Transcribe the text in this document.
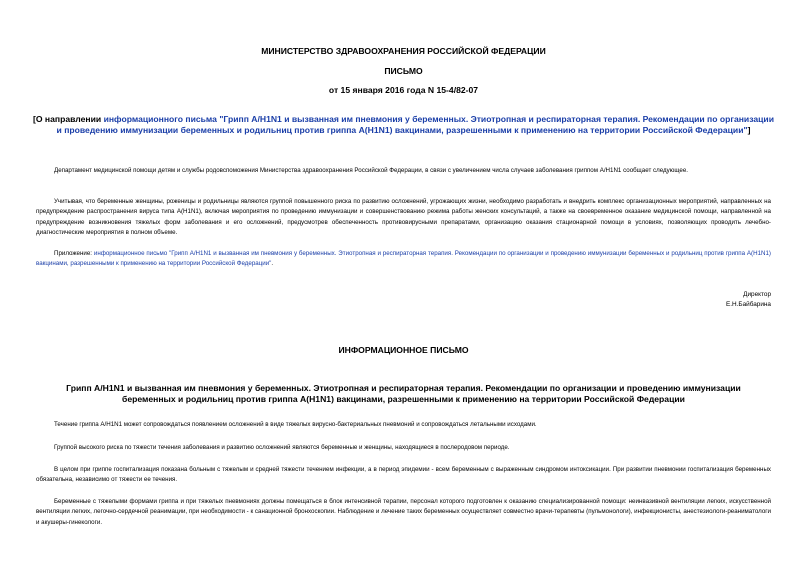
МИНИСТЕРСТВО ЗДРАВООХРАНЕНИЯ РОССИЙСКОЙ ФЕДЕРАЦИИ
ПИСЬМО
от 15 января 2016 года N 15-4/82-07
[О направлении информационного письма "Грипп A/H1N1 и вызванная им пневмония у беременных. Этиотропная и респираторная терапия. Рекомендации по организации и проведению иммунизации беременных и родильниц против гриппа A(H1N1) вакцинами, разрешенными к применению на территории Российской Федерации"]

Департамент медицинской помощи детям и службы родовспоможения Министерства здравоохранения Российской Федерации, в связи с увеличением числа случаев заболевания гриппом A/H1N1 сообщает следующее.

Учитывая, что беременные женщины, роженицы и родильницы являются группой повышенного риска по развитию осложнений, угрожающих жизни, необходимо разработать и внедрить комплекс организационных мероприятий, направленных на предупреждение распространения вируса типа A(H1N1), включая мероприятия по проведению иммунизации и совершенствованию режима работы женских консультаций, а также на своевременное оказание медицинской помощи, направленной на предупреждение возникновения тяжелых форм заболевания и его осложнений, предусмотрев обеспеченность противовирусными препаратами, организацию оказания стационарной помощи в условиях, позволяющих проводить лечебно-диагностические мероприятия в полном объеме.

Приложение: информационное письмо "Грипп A/H1N1 и вызванная им пневмония у беременных. Этиотропная и респираторная терапия. Рекомендации по организации и проведению иммунизации беременных и родильниц против гриппа A(H1N1) вакцинами, разрешенными к применению на территории Российской Федерации".

Директор
Е.Н.Байбарина
ИНФОРМАЦИОННОЕ ПИСЬМО
Грипп A/H1N1 и вызванная им пневмония у беременных. Этиотропная и респираторная терапия. Рекомендации по организации и проведению иммунизации беременных и родильниц против гриппа A(H1N1) вакцинами, разрешенными к применению на территории Российской Федерации

Течение гриппа A/H1N1 может сопровождаться появлением осложнений в виде тяжелых вирусно-бактериальных пневмоний и сопровождаться летальными исходами.

Группой высокого риска по тяжести течения заболевания и развитию осложнений являются беременные и женщины, находящиеся в послеродовом периоде.

В целом при гриппе госпитализация показана больным с тяжелым и средней тяжести течением инфекции, а в период эпидемии - всем беременным с выраженным синдромом интоксикации. При развитии пневмонии госпитализация беременных обязательна, независимо от тяжести ее течения.

Беременные с тяжелыми формами гриппа и при тяжелых пневмониях должны помещаться в блок интенсивной терапии, персонал которого подготовлен к оказанию специализированной помощи: неинвазивной вентиляции легких, искусственной вентиляции легких, легочно-сердечной реанимации, при необходимости - к санационной бронхоскопии. Наблюдение и лечение таких беременных осуществляет совместно врачи-терапевты (пульмонологи), инфекционисты, анестезиологи-реаниматологи и акушеры-гинекологи.
